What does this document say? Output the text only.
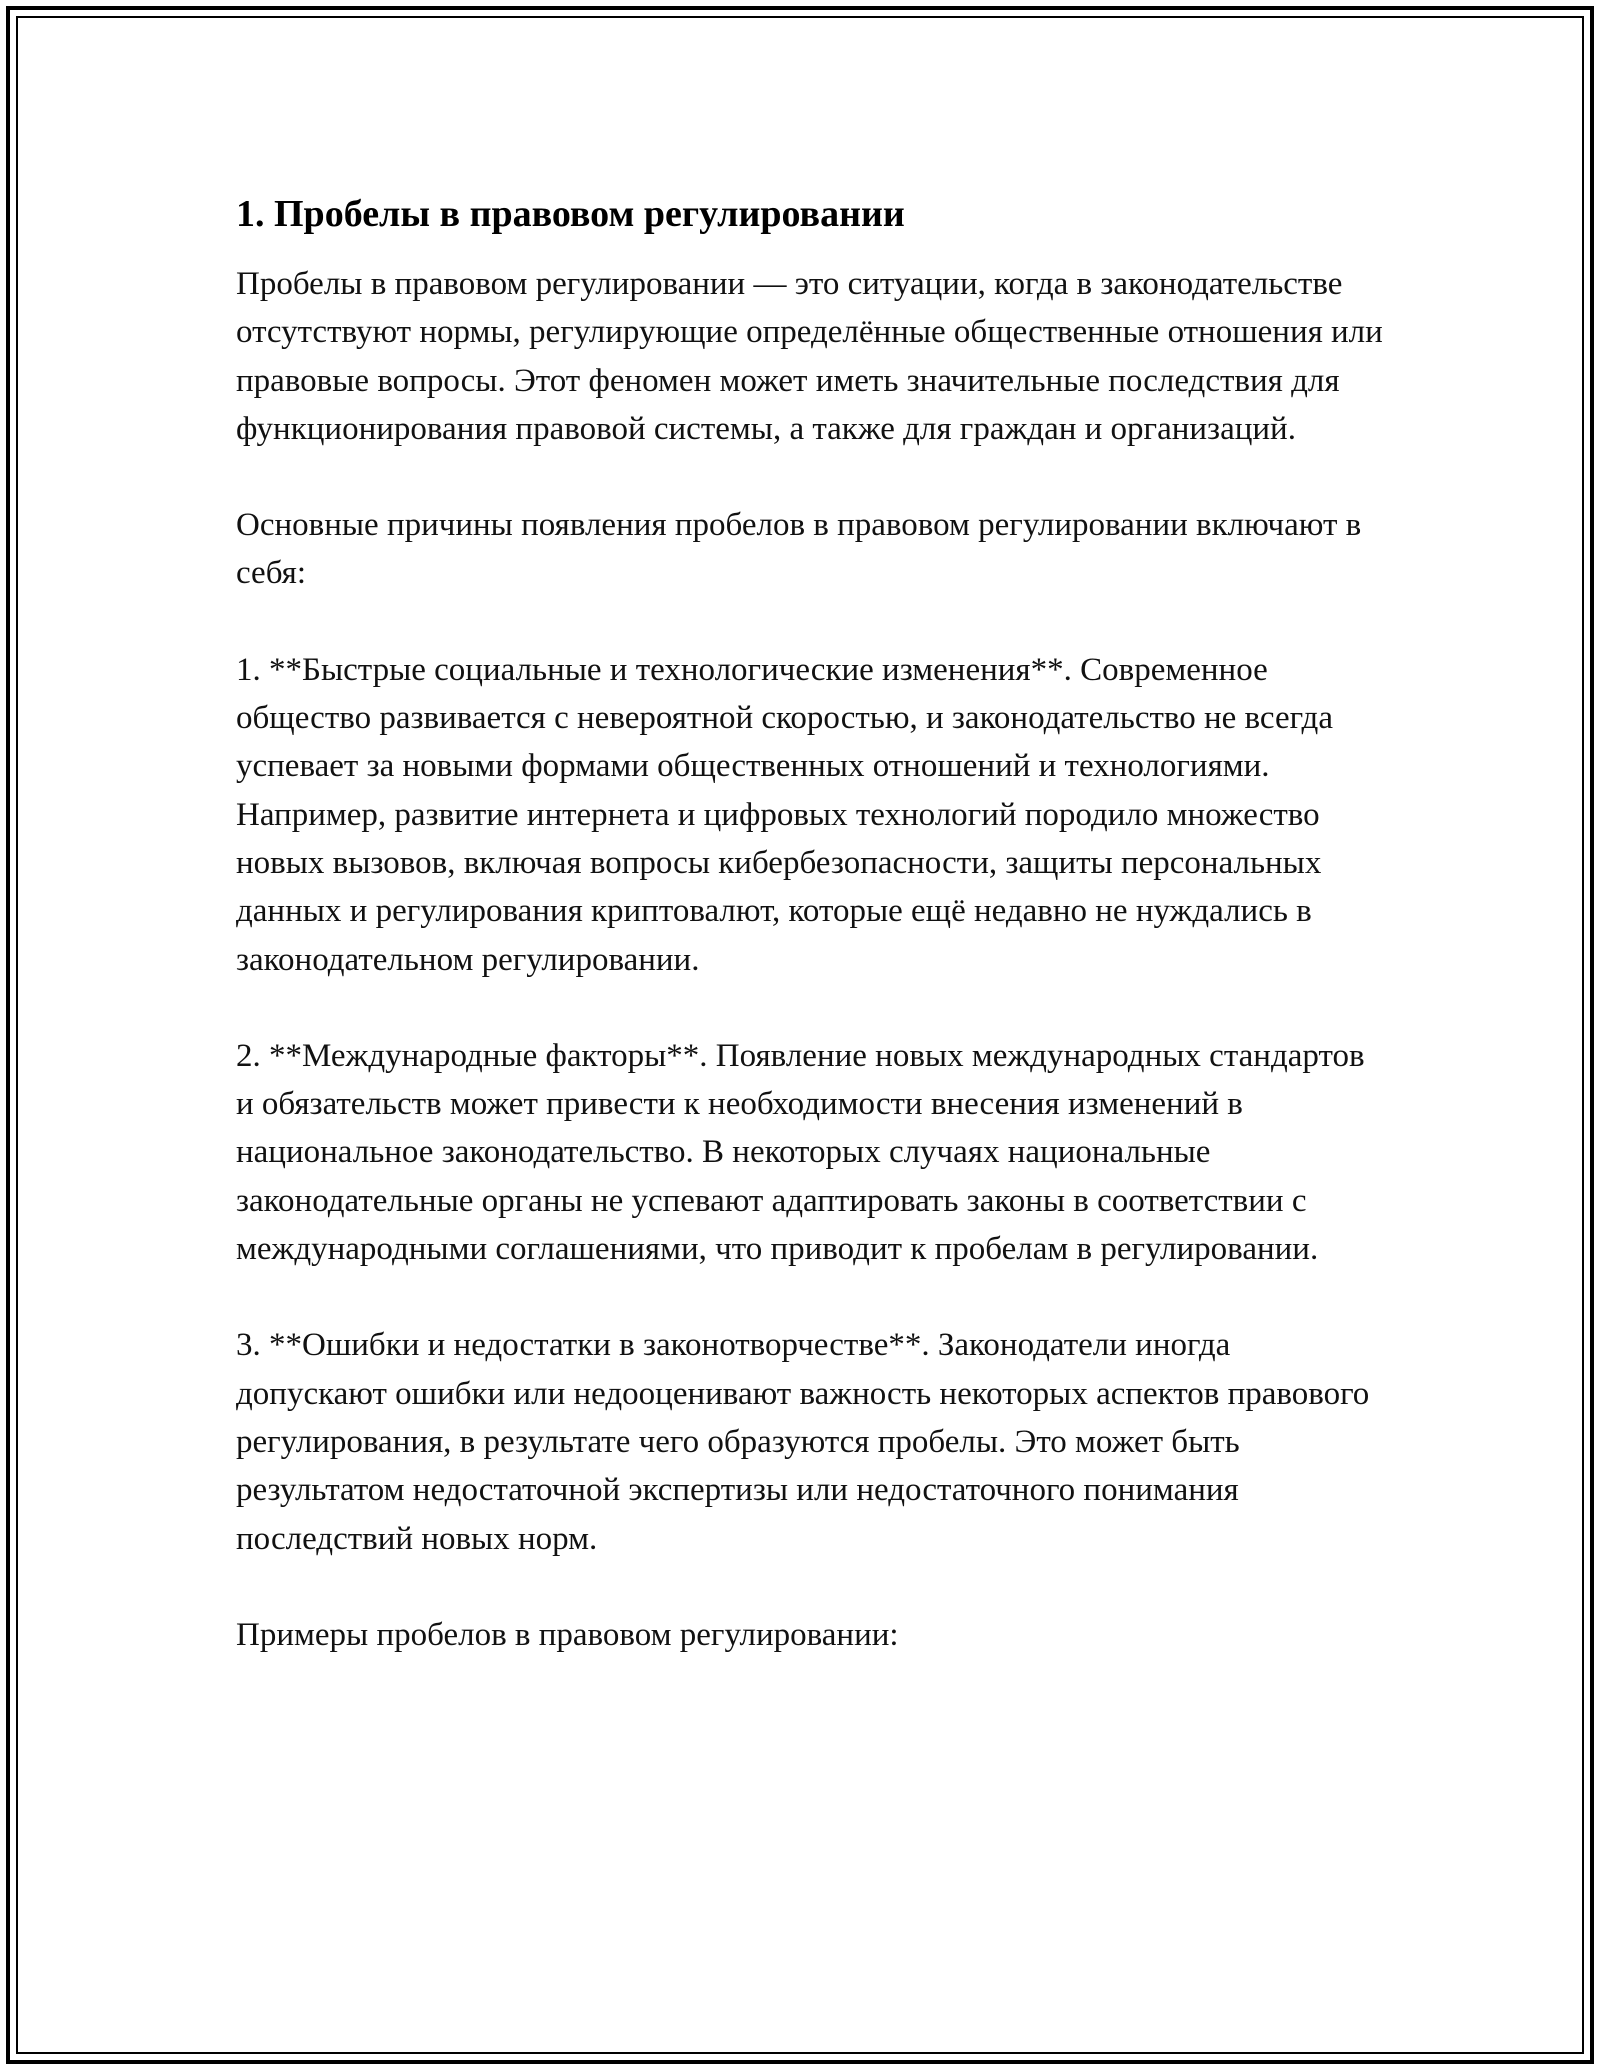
1. Пробелы в правовом регулировании

Пробелы в правовом регулировании — это ситуации, когда в законодательстве отсутствуют нормы, регулирующие определённые общественные отношения или правовые вопросы. Этот феномен может иметь значительные последствия для функционирования правовой системы, а также для граждан и организаций.

Основные причины появления пробелов в правовом регулировании включают в себя:

1. **Быстрые социальные и технологические изменения**. Современное общество развивается с невероятной скоростью, и законодательство не всегда успевает за новыми формами общественных отношений и технологиями. Например, развитие интернета и цифровых технологий породило множество новых вызовов, включая вопросы кибербезопасности, защиты персональных данных и регулирования криптовалют, которые ещё недавно не нуждались в законодательном регулировании.

2. **Международные факторы**. Появление новых международных стандартов и обязательств может привести к необходимости внесения изменений в национальное законодательство. В некоторых случаях национальные законодательные органы не успевают адаптировать законы в соответствии с международными соглашениями, что приводит к пробелам в регулировании.

3. **Ошибки и недостатки в законотворчестве**. Законодатели иногда допускают ошибки или недооценивают важность некоторых аспектов правового регулирования, в результате чего образуются пробелы. Это может быть результатом недостаточной экспертизы или недостаточного понимания последствий новых норм.

Примеры пробелов в правовом регулировании:
